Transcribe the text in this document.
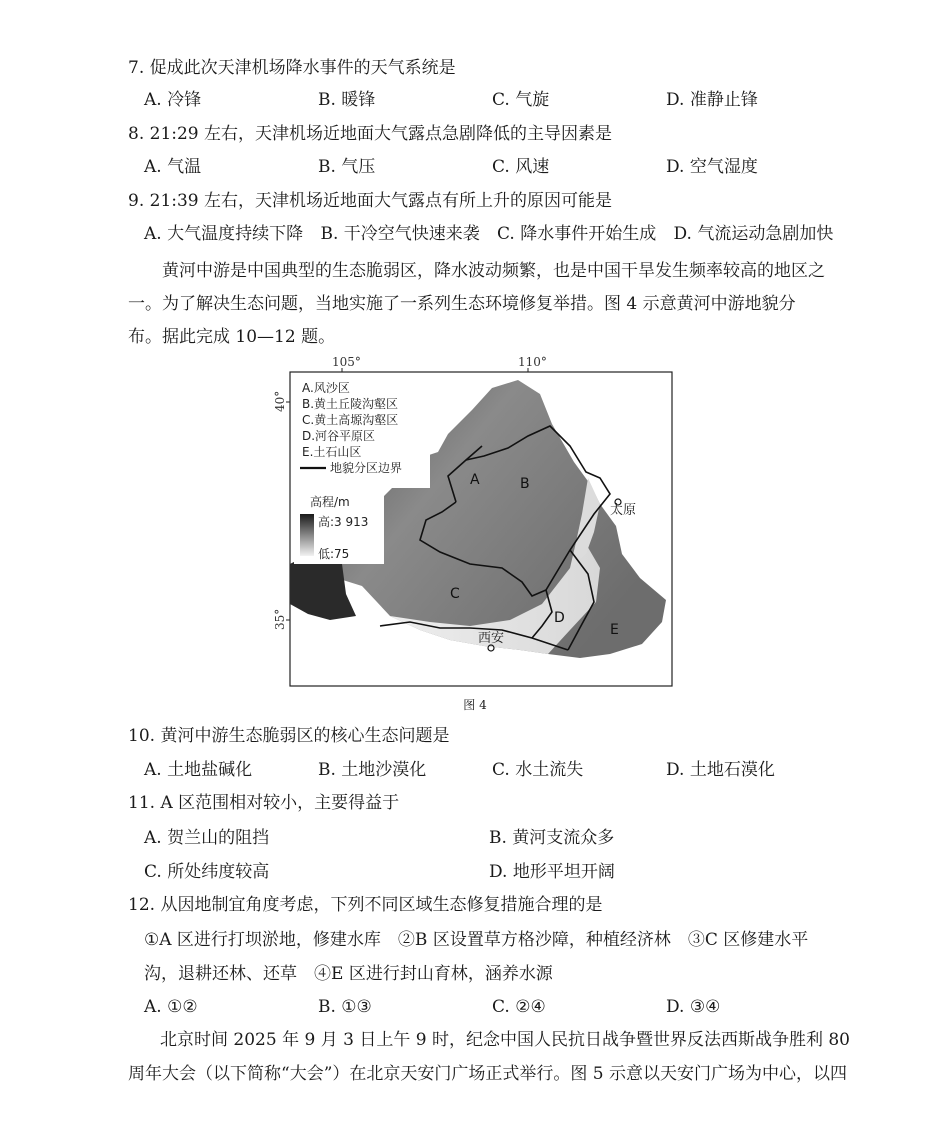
7. 促成此次天津机场降水事件的天气系统是
A. 冷锋	B. 暖锋	C. 气旋	D. 准静止锋
8. 21:29 左右，天津机场近地面大气露点急剧降低的主导因素是
A. 气温	B. 气压	C. 风速	D. 空气湿度
9. 21:39 左右，天津机场近地面大气露点有所上升的原因可能是
A. 大气温度持续下降	B. 干冷空气快速来袭	C. 降水事件开始生成	D. 气流运动急剧加快
黄河中游是中国典型的生态脆弱区，降水波动频繁，也是中国干旱发生频率较高的地区之一。为了解决生态问题，当地实施了一系列生态环境修复举措。图 4 示意黄河中游地貌分布。据此完成 10—12 题。
105°	110°
40°
35°
A.风沙区
B.黄土丘陵沟壑区
C.黄土高塬沟壑区
D.河谷平原区
E.土石山区
地貌分区边界
高程/m
高:3 913
低:75
A	B
C
D
E
太原
西安
图 4
10. 黄河中游生态脆弱区的核心生态问题是
A. 土地盐碱化	B. 土地沙漠化	C. 水土流失	D. 土地石漠化
11. A 区范围相对较小，主要得益于
A. 贺兰山的阻挡	B. 黄河支流众多
C. 所处纬度较高	D. 地形平坦开阔
12. 从因地制宜角度考虑，下列不同区域生态修复措施合理的是
①A 区进行打坝淤地，修建水库　②B 区设置草方格沙障，种植经济林　③C 区修建水平
沟，退耕还林、还草　④E 区进行封山育林，涵养水源
A. ①②	B. ①③	C. ②④	D. ③④
北京时间 2025 年 9 月 3 日上午 9 时，纪念中国人民抗日战争暨世界反法西斯战争胜利 80
周年大会（以下简称“大会”）在北京天安门广场正式举行。图 5 示意以天安门广场为中心，以四
